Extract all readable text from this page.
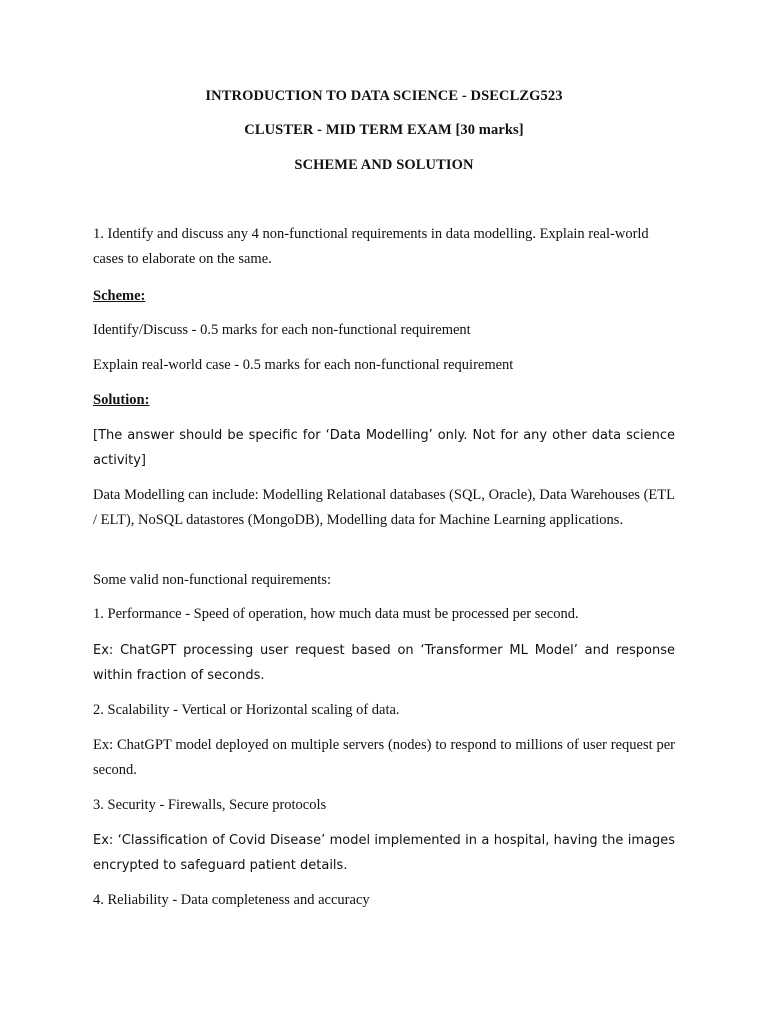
INTRODUCTION TO DATA SCIENCE - DSECLZG523
CLUSTER - MID TERM EXAM [30 marks]
SCHEME AND SOLUTION
1. Identify and discuss any 4 non-functional requirements in data modelling. Explain real-world cases to elaborate on the same.
Scheme:
Identify/Discuss - 0.5 marks for each non-functional requirement
Explain real-world case - 0.5 marks for each non-functional requirement
Solution:
[The answer should be specific for ‘Data Modelling’ only. Not for any other data science activity]
Data Modelling can include: Modelling Relational databases (SQL, Oracle), Data Warehouses (ETL / ELT), NoSQL datastores (MongoDB), Modelling data for Machine Learning applications.
Some valid non-functional requirements:
1. Performance - Speed of operation, how much data must be processed per second.
Ex: ChatGPT processing user request based on ‘Transformer ML Model’ and response within fraction of seconds.
2. Scalability - Vertical or Horizontal scaling of data.
Ex: ChatGPT model deployed on multiple servers (nodes) to respond to millions of user request per second.
3. Security - Firewalls, Secure protocols
Ex: ‘Classification of Covid Disease’ model implemented in a hospital, having the images encrypted to safeguard patient details.
4. Reliability - Data completeness and accuracy
